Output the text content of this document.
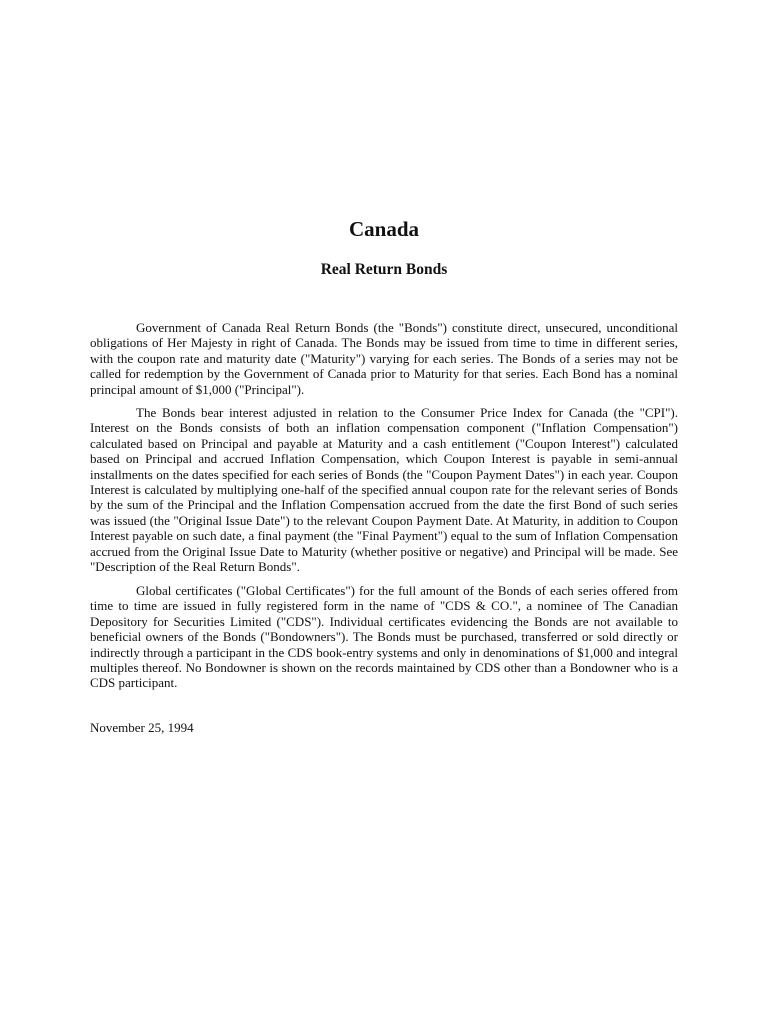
Canada
Real Return Bonds

Government of Canada Real Return Bonds (the "Bonds") constitute direct, unsecured, unconditional obligations of Her Majesty in right of Canada. The Bonds may be issued from time to time in different series, with the coupon rate and maturity date ("Maturity") varying for each series. The Bonds of a series may not be called for redemption by the Government of Canada prior to Maturity for that series. Each Bond has a nominal principal amount of $1,000 ("Principal").

The Bonds bear interest adjusted in relation to the Consumer Price Index for Canada (the "CPI"). Interest on the Bonds consists of both an inflation compensation component ("Inflation Compensation") calculated based on Principal and payable at Maturity and a cash entitlement ("Coupon Interest") calculated based on Principal and accrued Inflation Compensation, which Coupon Interest is payable in semi-annual installments on the dates specified for each series of Bonds (the "Coupon Payment Dates") in each year. Coupon Interest is calculated by multiplying one-half of the specified annual coupon rate for the relevant series of Bonds by the sum of the Principal and the Inflation Compensation accrued from the date the first Bond of such series was issued (the "Original Issue Date") to the relevant Coupon Payment Date. At Maturity, in addition to Coupon Interest payable on such date, a final payment (the "Final Payment") equal to the sum of Inflation Compensation accrued from the Original Issue Date to Maturity (whether positive or negative) and Principal will be made. See "Description of the Real Return Bonds".

Global certificates ("Global Certificates") for the full amount of the Bonds of each series offered from time to time are issued in fully registered form in the name of "CDS & CO.", a nominee of The Canadian Depository for Securities Limited ("CDS"). Individual certificates evidencing the Bonds are not available to beneficial owners of the Bonds ("Bondowners"). The Bonds must be purchased, transferred or sold directly or indirectly through a participant in the CDS book-entry systems and only in denominations of $1,000 and integral multiples thereof. No Bondowner is shown on the records maintained by CDS other than a Bondowner who is a CDS participant.

November 25, 1994
